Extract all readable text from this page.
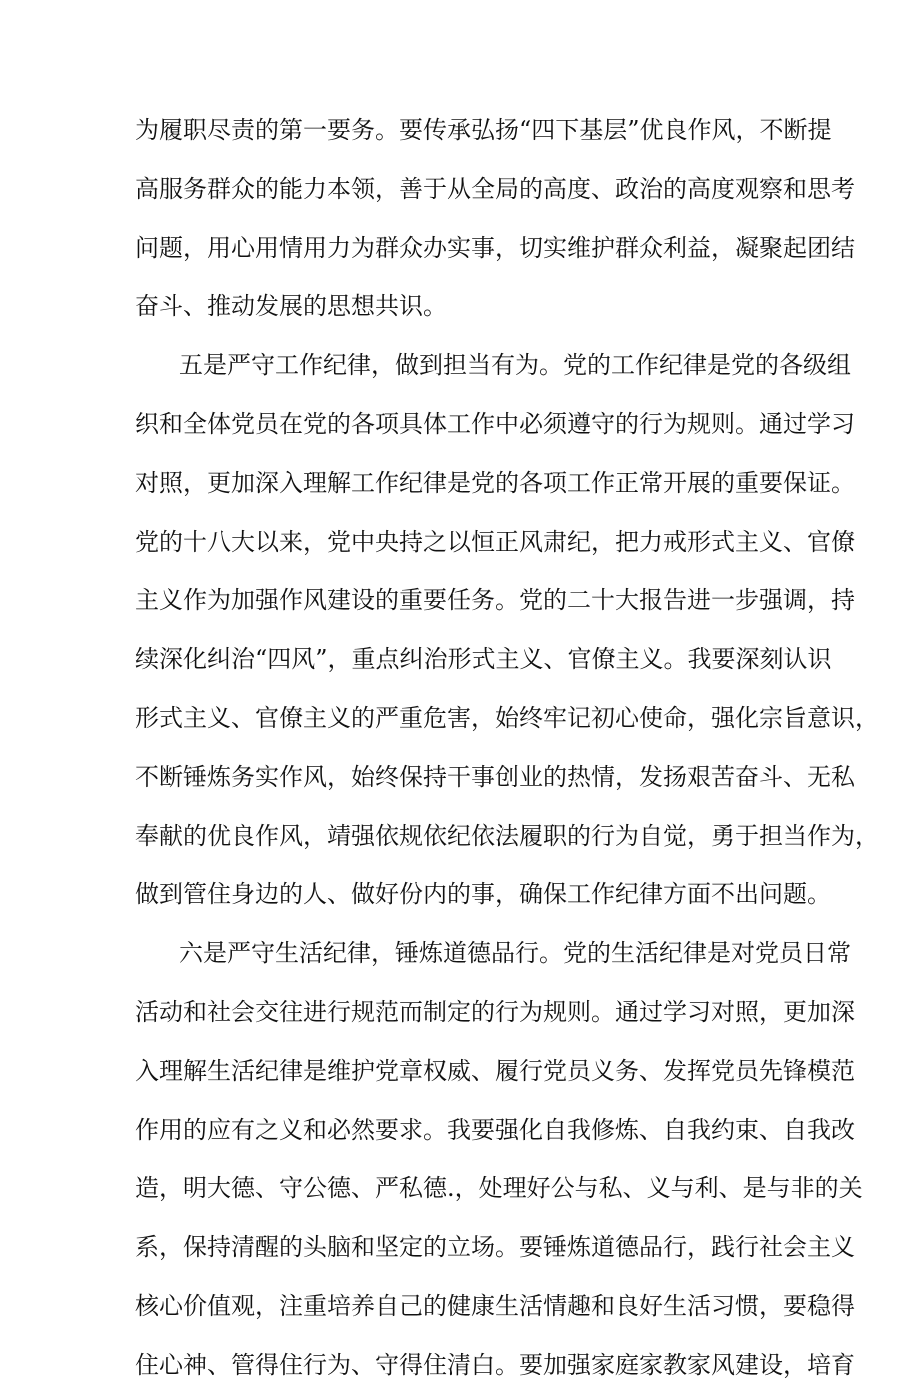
为履职尽责的第一要务。要传承弘扬“四下基层”优良作风，不断提
高服务群众的能力本领，善于从全局的高度、政治的高度观察和思考
问题，用心用情用力为群众办实事，切实维护群众利益，凝聚起团结
奋斗、推动发展的思想共识。
五是严守工作纪律，做到担当有为。党的工作纪律是党的各级组
织和全体党员在党的各项具体工作中必须遵守的行为规则。通过学习
对照，更加深入理解工作纪律是党的各项工作正常开展的重要保证。
党的十八大以来，党中央持之以恒正风肃纪，把力戒形式主义、官僚
主义作为加强作风建设的重要任务。党的二十大报告进一步强调，持
续深化纠治“四风”，重点纠治形式主义、官僚主义。我要深刻认识
形式主义、官僚主义的严重危害，始终牢记初心使命，强化宗旨意识，
不断锤炼务实作风，始终保持干事创业的热情，发扬艰苦奋斗、无私
奉献的优良作风，靖强依规依纪依法履职的行为自觉，勇于担当作为，
做到管住身边的人、做好份内的事，确保工作纪律方面不出问题。
六是严守生活纪律，锤炼道德品行。党的生活纪律是对党员日常
活动和社会交往进行规范而制定的行为规则。通过学习对照，更加深
入理解生活纪律是维护党章权威、履行党员义务、发挥党员先锋模范
作用的应有之义和必然要求。我要强化自我修炼、自我约束、自我改
造，明大德、守公德、严私德.，处理好公与私、义与利、是与非的关
系，保持清醒的头脑和坚定的立场。要锤炼道德品行，践行社会主义
核心价值观，注重培养自己的健康生活情趣和良好生活习惯，要稳得
住心神、管得住行为、守得住清白。要加强家庭家教家风建设，培育
